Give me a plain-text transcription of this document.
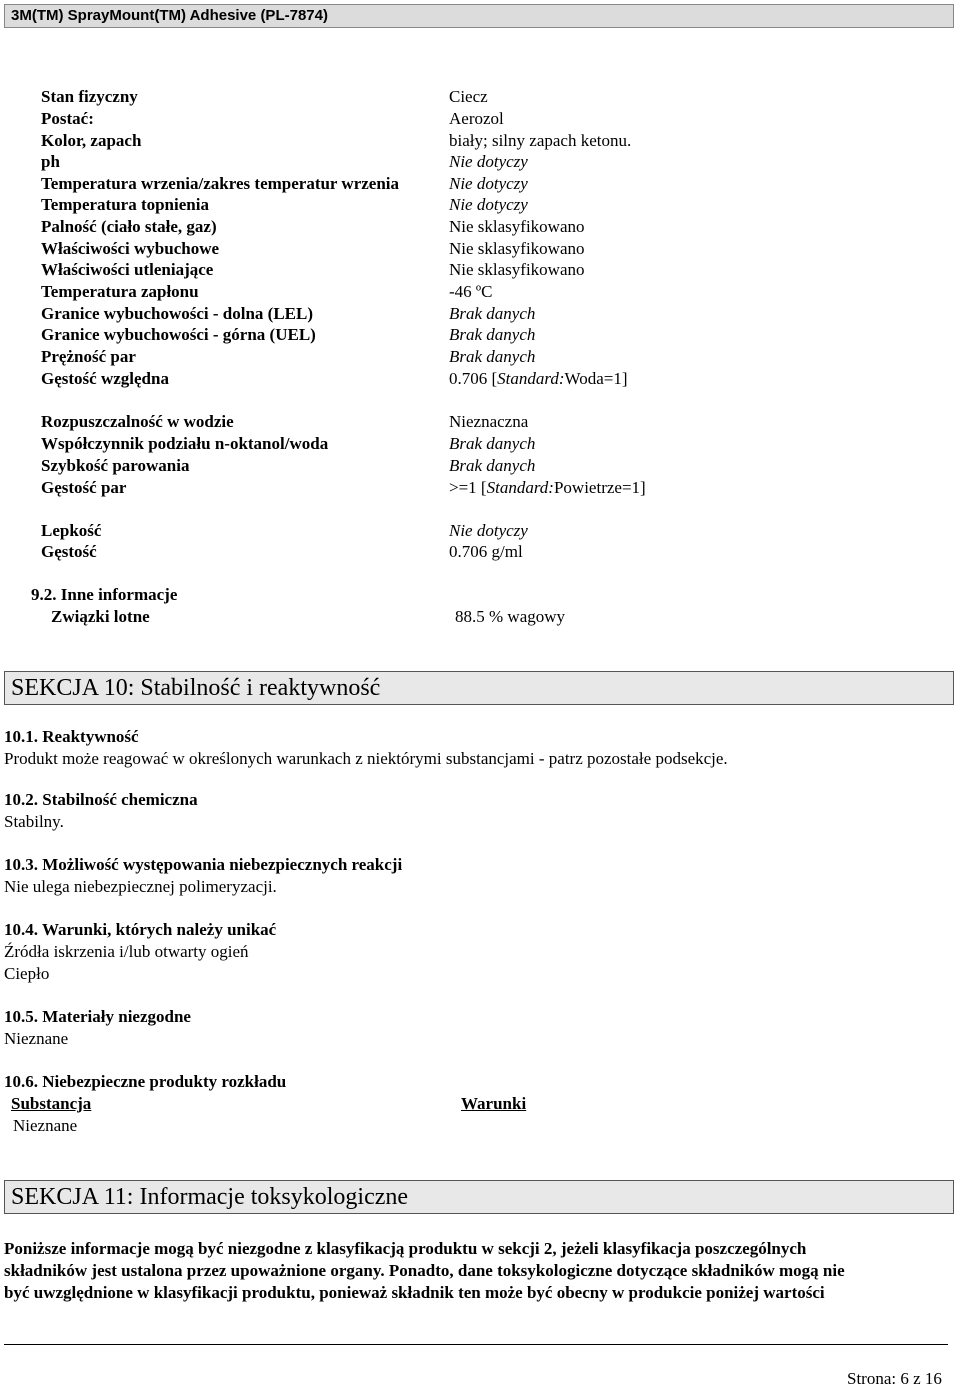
3M(TM) SprayMount(TM) Adhesive (PL-7874)
Stan fizyczny	Ciecz
Postać:	Aerozol
Kolor, zapach	biały; silny zapach ketonu.
ph	Nie dotyczy
Temperatura wrzenia/zakres temperatur wrzenia	Nie dotyczy
Temperatura topnienia	Nie dotyczy
Palność (ciało stałe, gaz)	Nie sklasyfikowano
Właściwości wybuchowe	Nie sklasyfikowano
Właściwości utleniające	Nie sklasyfikowano
Temperatura zapłonu	-46 ºC
Granice wybuchowości - dolna (LEL)	Brak danych
Granice wybuchowości - górna (UEL)	Brak danych
Prężność par	Brak danych
Gęstość względna	0.706 [Standard:Woda=1]
Rozpuszczalność w wodzie	Nieznaczna
Współczynnik podziału n-oktanol/woda	Brak danych
Szybkość parowania	Brak danych
Gęstość par	>=1 [Standard:Powietrze=1]
Lepkość	Nie dotyczy
Gęstość	0.706 g/ml
9.2. Inne informacje
Związki lotne	88.5 % wagowy
SEKCJA 10: Stabilność i reaktywność
10.1. Reaktywność
Produkt może reagować w określonych warunkach z niektórymi substancjami - patrz pozostałe podsekcje.
10.2. Stabilność chemiczna
Stabilny.
10.3. Możliwość występowania niebezpiecznych reakcji
Nie ulega niebezpiecznej polimeryzacji.
10.4. Warunki, których należy unikać
Źródła iskrzenia i/lub otwarty ogień
Ciepło
10.5. Materiały niezgodne
Nieznane
10.6. Niebezpieczne produkty rozkładu
Substancja	Warunki
Nieznane
SEKCJA 11: Informacje toksykologiczne
Poniższe informacje mogą być niezgodne z klasyfikacją produktu w sekcji 2, jeżeli klasyfikacja poszczególnych
składników jest ustalona przez upoważnione organy. Ponadto, dane toksykologiczne dotyczące składników mogą nie
być uwzględnione w klasyfikacji produktu, ponieważ składnik ten może być obecny w produkcie poniżej wartości
Strona: 6 z 16
